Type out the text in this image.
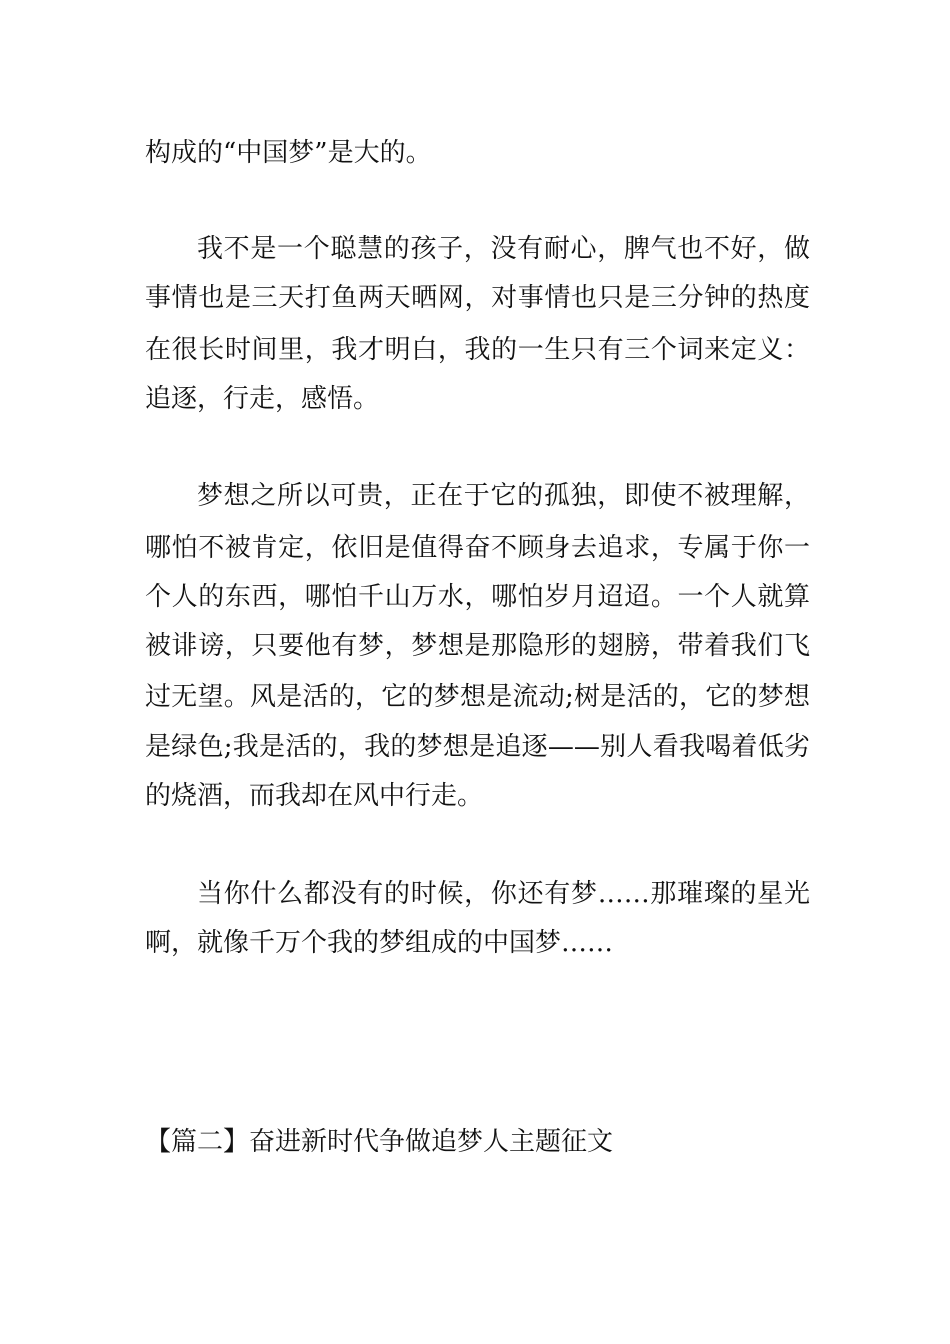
构成的“中国梦”是大的。
我不是一个聪慧的孩子，没有耐心，脾气也不好，做
事情也是三天打鱼两天晒网，对事情也只是三分钟的热度
在很长时间里，我才明白，我的一生只有三个词来定义：
追逐，行走，感悟。
梦想之所以可贵，正在于它的孤独，即使不被理解，
哪怕不被肯定，依旧是值得奋不顾身去追求，专属于你一
个人的东西，哪怕千山万水，哪怕岁月迢迢。一个人就算
被诽谤，只要他有梦，梦想是那隐形的翅膀，带着我们飞
过无望。风是活的，它的梦想是流动;树是活的，它的梦想
是绿色;我是活的，我的梦想是追逐——别人看我喝着低劣
的烧酒，而我却在风中行走。
当你什么都没有的时候，你还有梦……那璀璨的星光
啊，就像千万个我的梦组成的中国梦……
【篇二】奋进新时代争做追梦人主题征文
